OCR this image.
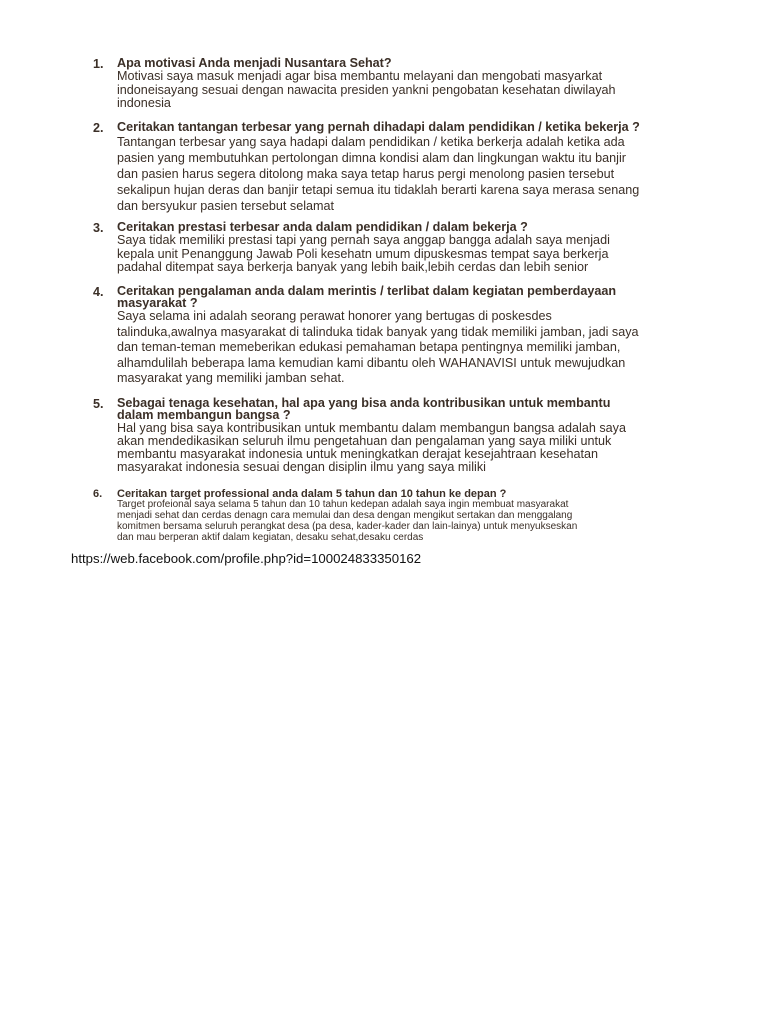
1.	Apa motivasi Anda menjadi Nusantara Sehat?
Motivasi saya masuk menjadi agar bisa membantu melayani dan mengobati masyarkat
indoneisayang sesuai dengan nawacita presiden yankni pengobatan kesehatan diwilayah
indonesia
2.	Ceritakan tantangan terbesar yang pernah dihadapi dalam pendidikan / ketika bekerja ?
Tantangan terbesar yang saya hadapi dalam pendidikan / ketika berkerja adalah ketika ada
pasien yang membutuhkan pertolongan dimna kondisi alam dan lingkungan waktu itu banjir
dan pasien harus segera ditolong maka saya tetap harus pergi menolong pasien tersebut
sekalipun hujan deras dan banjir tetapi semua itu tidaklah berarti karena saya merasa senang
dan bersyukur pasien tersebut selamat
3.	Ceritakan prestasi terbesar anda dalam pendidikan / dalam bekerja ?
Saya tidak memiliki prestasi tapi yang pernah saya anggap bangga adalah saya menjadi
kepala unit Penanggung Jawab Poli kesehatn umum dipuskesmas tempat saya berkerja
padahal ditempat saya berkerja banyak yang lebih baik,lebih cerdas dan lebih senior
4.	Ceritakan pengalaman anda dalam merintis / terlibat dalam kegiatan pemberdayaan
masyarakat ?
Saya selama ini adalah seorang perawat honorer yang bertugas di poskesdes
talinduka,awalnya masyarakat di talinduka tidak banyak yang tidak memiliki jamban, jadi saya
dan teman-teman memeberikan edukasi pemahaman betapa pentingnya memiliki jamban,
alhamdulilah beberapa lama kemudian kami dibantu oleh WAHANAVISI untuk mewujudkan
masyarakat yang memiliki jamban sehat.
5.	Sebagai tenaga kesehatan, hal apa yang bisa anda kontribusikan untuk membantu
dalam membangun bangsa ?
Hal yang bisa saya kontribusikan untuk membantu dalam membangun bangsa adalah saya
akan mendedikasikan seluruh ilmu pengetahuan dan pengalaman yang saya miliki untuk
membantu masyarakat indonesia untuk meningkatkan derajat kesejahtraan kesehatan
masyarakat indonesia sesuai dengan disiplin ilmu yang saya miliki
6.	Ceritakan target professional anda dalam 5 tahun dan 10 tahun ke depan ?
Target profeional saya selama 5 tahun dan 10 tahun kedepan adalah saya ingin membuat masyarakat
menjadi sehat dan cerdas denagn cara memulai dan desa dengan mengikut sertakan dan menggalang
komitmen bersama seluruh perangkat desa (pa desa, kader-kader dan lain-lainya) untuk menyukseskan
dan mau berperan aktif dalam kegiatan, desaku sehat,desaku cerdas
https://web.facebook.com/profile.php?id=100024833350162
